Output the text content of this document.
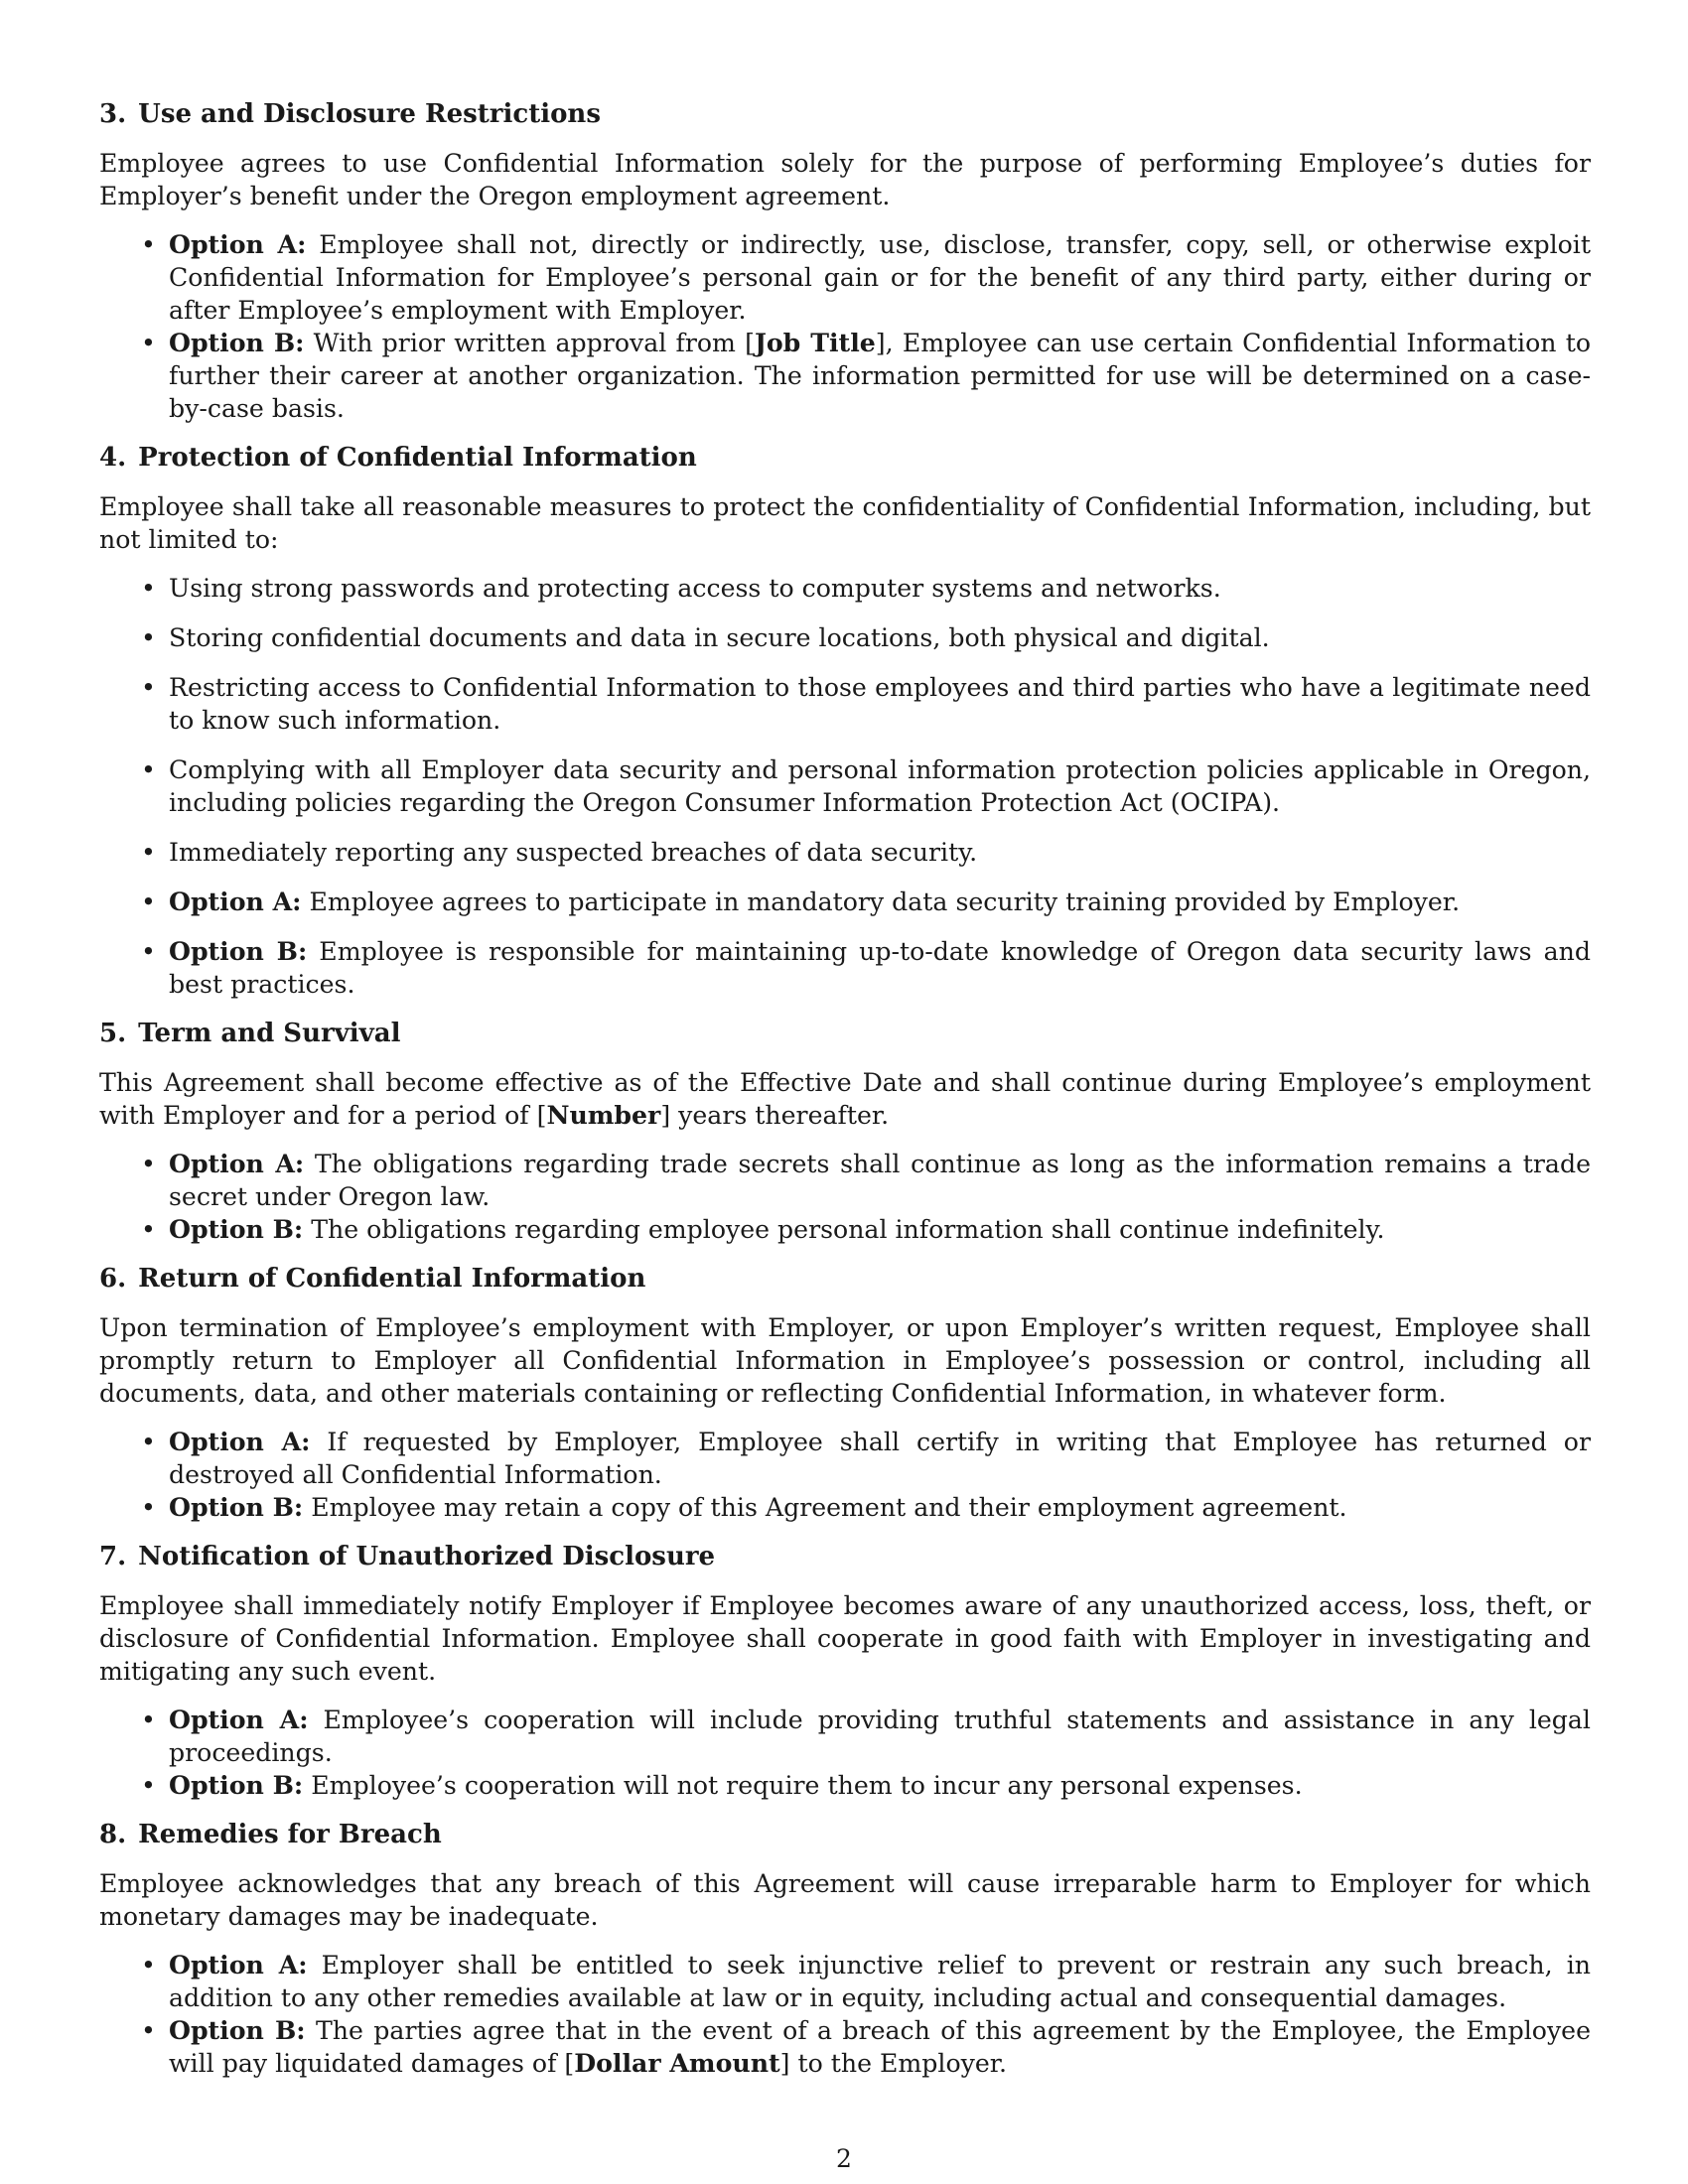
3. Use and Disclosure Restrictions

Employee agrees to use Confidential Information solely for the purpose of performing Employee’s duties for Employer’s benefit under the Oregon employment agreement.

• Option A: Employee shall not, directly or indirectly, use, disclose, transfer, copy, sell, or otherwise exploit Confidential Information for Employee’s personal gain or for the benefit of any third party, either during or after Employee’s employment with Employer.
• Option B: With prior written approval from [Job Title], Employee can use certain Confidential Information to further their career at another organization. The information permitted for use will be determined on a case-by-case basis.
4. Protection of Confidential Information

Employee shall take all reasonable measures to protect the confidentiality of Confidential Information, including, but not limited to:

• Using strong passwords and protecting access to computer systems and networks.
• Storing confidential documents and data in secure locations, both physical and digital.
• Restricting access to Confidential Information to those employees and third parties who have a legitimate need to know such information.
• Complying with all Employer data security and personal information protection policies applicable in Oregon, including policies regarding the Oregon Consumer Information Protection Act (OCIPA).
• Immediately reporting any suspected breaches of data security.
• Option A: Employee agrees to participate in mandatory data security training provided by Employer.
• Option B: Employee is responsible for maintaining up-to-date knowledge of Oregon data security laws and best practices.
5. Term and Survival

This Agreement shall become effective as of the Effective Date and shall continue during Employee’s employment with Employer and for a period of [Number] years thereafter.

• Option A: The obligations regarding trade secrets shall continue as long as the information remains a trade secret under Oregon law.
• Option B: The obligations regarding employee personal information shall continue indefinitely.
6. Return of Confidential Information

Upon termination of Employee’s employment with Employer, or upon Employer’s written request, Employee shall promptly return to Employer all Confidential Information in Employee’s possession or control, including all documents, data, and other materials containing or reflecting Confidential Information, in whatever form.

• Option A: If requested by Employer, Employee shall certify in writing that Employee has returned or destroyed all Confidential Information.
• Option B: Employee may retain a copy of this Agreement and their employment agreement.
7. Notification of Unauthorized Disclosure

Employee shall immediately notify Employer if Employee becomes aware of any unauthorized access, loss, theft, or disclosure of Confidential Information. Employee shall cooperate in good faith with Employer in investigating and mitigating any such event.

• Option A: Employee’s cooperation will include providing truthful statements and assistance in any legal proceedings.
• Option B: Employee’s cooperation will not require them to incur any personal expenses.
8. Remedies for Breach

Employee acknowledges that any breach of this Agreement will cause irreparable harm to Employer for which monetary damages may be inadequate.

• Option A: Employer shall be entitled to seek injunctive relief to prevent or restrain any such breach, in addition to any other remedies available at law or in equity, including actual and consequential damages.
• Option B: The parties agree that in the event of a breach of this agreement by the Employee, the Employee will pay liquidated damages of [Dollar Amount] to the Employer.
2
